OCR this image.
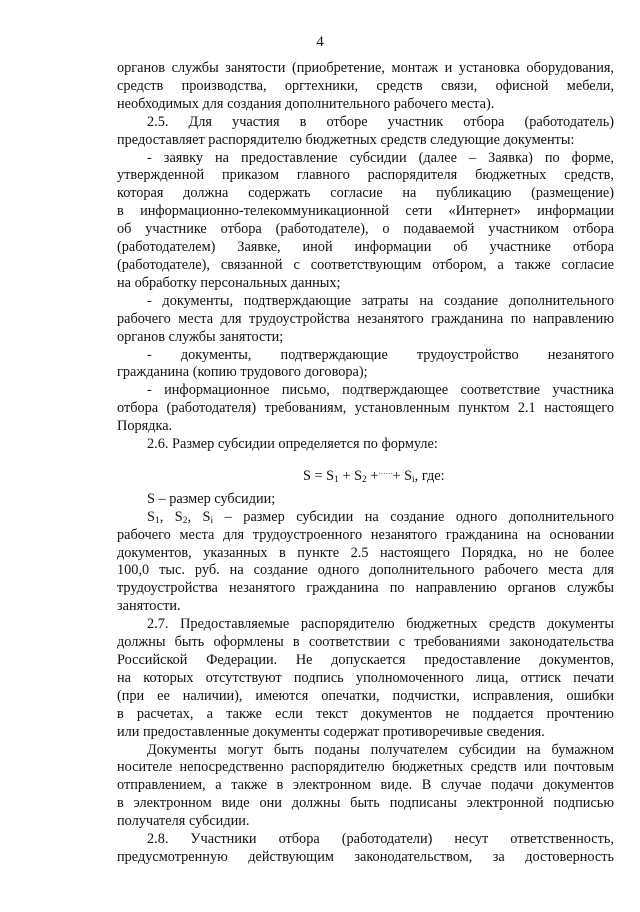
4

органов службы занятости (приобретение, монтаж и установка оборудования,

средств производства, оргтехники, средств связи, офисной мебели,

необходимых для создания дополнительного рабочего места).

2.5. Для участия в отборе участник отбора (работодатель)

предоставляет распорядителю бюджетных средств следующие документы:

- заявку на предоставление субсидии (далее – Заявка) по форме,

утвержденной приказом главного распорядителя бюджетных средств,

которая должна содержать согласие на публикацию (размещение)

в информационно-телекоммуникационной сети «Интернет» информации

об участнике отбора (работодателе), о подаваемой участником отбора

(работодателем) Заявке, иной информации об участнике отбора

(работодателе), связанной с соответствующим отбором, а также согласие

на обработку персональных данных;

- документы, подтверждающие затраты на создание дополнительного

рабочего места для трудоустройства незанятого гражданина по направлению

органов службы занятости;

- документы, подтверждающие трудоустройство незанятого

гражданина (копию трудового договора);

- информационное письмо, подтверждающее соответствие участника

отбора (работодателя) требованиям, установленным пунктом 2.1 настоящего

Порядка.

2.6. Размер субсидии определяется по формуле:

$S = S_1 + S_2 +^{\dots\dots}+ S_i$, где:

S – размер субсидии;

$S_1$, $S_2$, $S_i$ – размер субсидии на создание одного дополнительного

рабочего места для трудоустроенного незанятого гражданина на основании

документов, указанных в пункте 2.5 настоящего Порядка, но не более

100,0 тыс. руб. на создание одного дополнительного рабочего места для

трудоустройства незанятого гражданина по направлению органов службы

занятости.

2.7. Предоставляемые распорядителю бюджетных средств документы

должны быть оформлены в соответствии с требованиями законодательства

Российской Федерации. Не допускается предоставление документов,

на которых отсутствуют подпись уполномоченного лица, оттиск печати

(при ее наличии), имеются опечатки, подчистки, исправления, ошибки

в расчетах, а также если текст документов не поддается прочтению

или предоставленные документы содержат противоречивые сведения.

Документы могут быть поданы получателем субсидии на бумажном

носителе непосредственно распорядителю бюджетных средств или почтовым

отправлением, а также в электронном виде. В случае подачи документов

в электронном виде они должны быть подписаны электронной подписью

получателя субсидии.

2.8. Участники отбора (работодатели) несут ответственность,

предусмотренную действующим законодательством, за достоверность
